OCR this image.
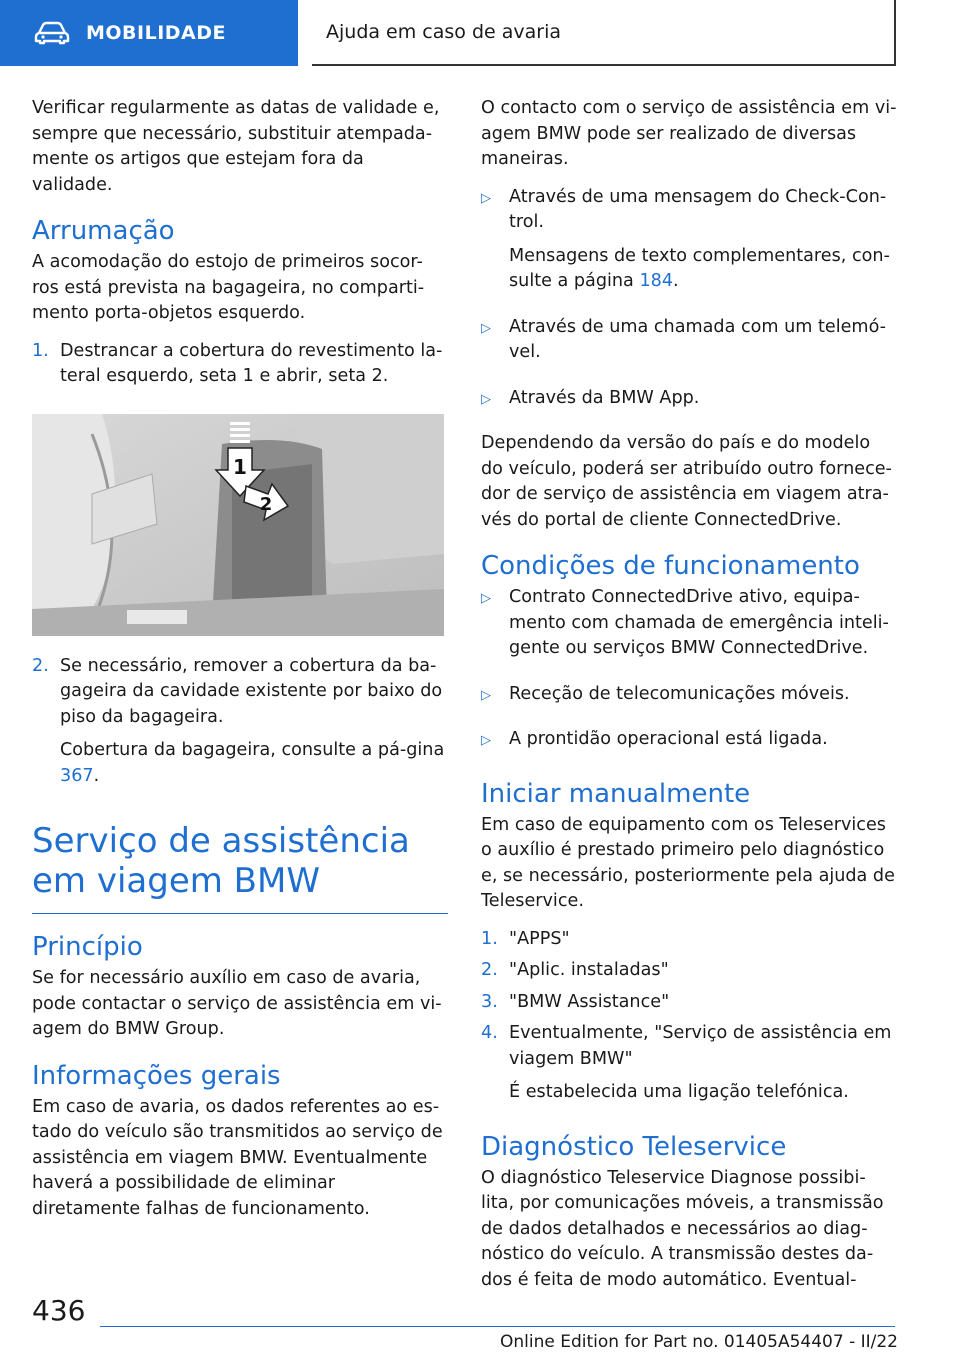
MOBILIDADE	Ajuda em caso de avaria

Verificar regularmente as datas de validade e, sempre que necessário, substituir atempada-mente os artigos que estejam fora da validade.

Arrumação

A acomodação do estojo de primeiros socor-ros está prevista na bagageira, no comparti-mento porta-objetos esquerdo.

1. Destrancar a cobertura do revestimento la-teral esquerdo, seta 1 e abrir, seta 2.

1
2
2. Se necessário, remover a cobertura da ba-gageira da cavidade existente por baixo do piso da bagageira.

Cobertura da bagageira, consulte a pá-gina 367.

Serviço de assistência em viagem BMW
Princípio

Se for necessário auxílio em caso de avaria, pode contactar o serviço de assistência em vi-agem do BMW Group.

Informações gerais

Em caso de avaria, os dados referentes ao es-tado do veículo são transmitidos ao serviço de assistência em viagem BMW. Eventualmente haverá a possibilidade de eliminar diretamente falhas de funcionamento.

O contacto com o serviço de assistência em vi-agem BMW pode ser realizado de diversas maneiras.

▷	Através de uma mensagem do Check-Con-trol.

Mensagens de texto complementares, con-sulte a página 184.

▷	Através de uma chamada com um telemó-vel.

▷	Através da BMW App.

Dependendo da versão do país e do modelo do veículo, poderá ser atribuído outro fornece-dor de serviço de assistência em viagem atra-vés do portal de cliente ConnectedDrive.

Condições de funcionamento
▷	Contrato ConnectedDrive ativo, equipa-mento com chamada de emergência inteli-gente ou serviços BMW ConnectedDrive.

▷	Receção de telecomunicações móveis.

▷	A prontidão operacional está ligada.

Iniciar manualmente

Em caso de equipamento com os Teleservices o auxílio é prestado primeiro pelo diagnóstico e, se necessário, posteriormente pela ajuda de Teleservice.

1. "APPS"

2. "Aplic. instaladas"

3. "BMW Assistance"

4. Eventualmente, "Serviço de assistência em viagem BMW"

É estabelecida uma ligação telefónica.

Diagnóstico Teleservice

O diagnóstico Teleservice Diagnose possibi-lita, por comunicações móveis, a transmissão de dados detalhados e necessários ao diag-nóstico do veículo. A transmissão destes da-dos é feita de modo automático. Eventual-

436
Online Edition for Part no. 01405A54407 - II/22
